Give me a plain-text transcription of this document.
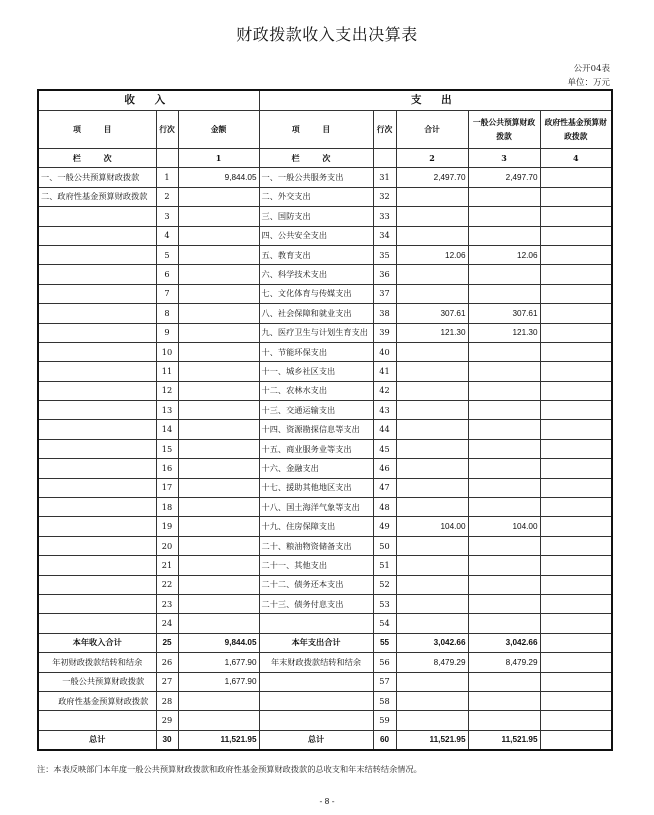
财政拨款收入支出决算表
公开04表
单位：万元
收 入			支 出				
项 目	行次	金额	项 目	行次	合计	一般公共预算财政拨款	政府性基金预算财政拨款
栏 次		1	栏 次		2	3	4
一、一般公共预算财政拨款	1	9,844.05	一、一般公共服务支出	31	2,497.70	2,497.70	
二、政府性基金预算财政拨款	2		二、外交支出	32			
	3		三、国防支出	33			
	4		四、公共安全支出	34			
	5		五、教育支出	35	12.06	12.06	
	6		六、科学技术支出	36			
	7		七、文化体育与传媒支出	37			
	8		八、社会保障和就业支出	38	307.61	307.61	
	9		九、医疗卫生与计划生育支出	39	121.30	121.30	
	10		十、节能环保支出	40			
	11		十一、城乡社区支出	41			
	12		十二、农林水支出	42			
	13		十三、交通运输支出	43			
	14		十四、资源勘探信息等支出	44			
	15		十五、商业服务业等支出	45			
	16		十六、金融支出	46			
	17		十七、援助其他地区支出	47			
	18		十八、国土海洋气象等支出	48			
	19		十九、住房保障支出	49	104.00	104.00	
	20		二十、粮油物资储备支出	50			
	21		二十一、其他支出	51			
	22		二十二、债务还本支出	52			
	23		二十三、债务付息支出	53			
	24			54			
本年收入合计	25	9,844.05	本年支出合计	55	3,042.66	3,042.66	
年初财政拨款结转和结余	26	1,677.90	年末财政拨款结转和结余	56	8,479.29	8,479.29	
一般公共预算财政拨款	27	1,677.90		57			
政府性基金预算财政拨款	28			58			
	29			59			
总计	30	11,521.95	总计	60	11,521.95	11,521.95	
注：本表反映部门本年度一般公共预算财政拨款和政府性基金预算财政拨款的总收支和年末结转结余情况。
- 8 -
